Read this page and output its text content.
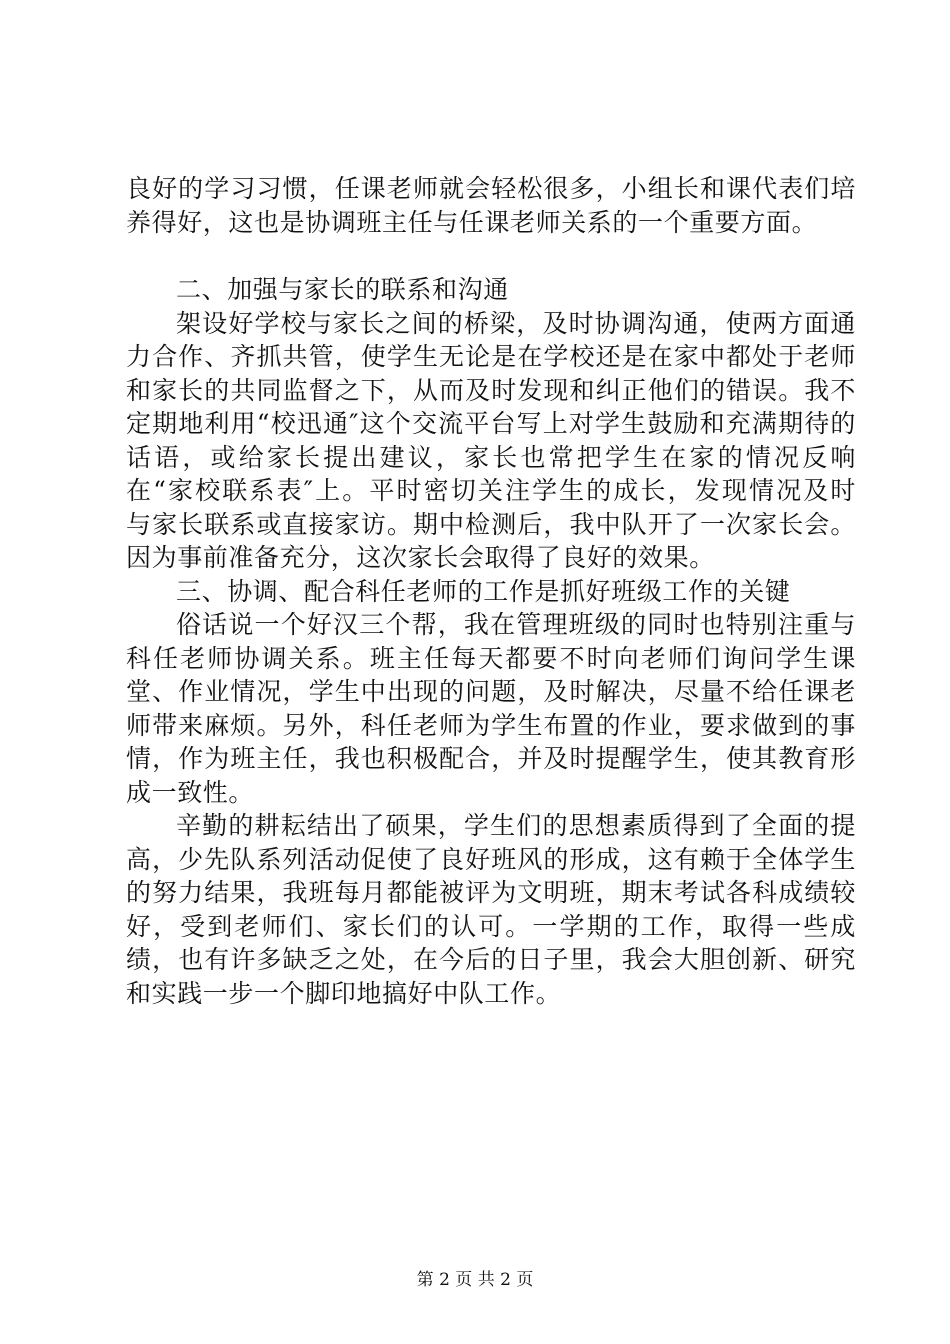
良好的学习习惯，任课老师就会轻松很多，小组长和课代表们培养得好，这也是协调班主任与任课老师关系的一个重要方面。

二、加强与家长的联系和沟通

架设好学校与家长之间的桥梁，及时协调沟通，使两方面通力合作、齐抓共管，使学生无论是在学校还是在家中都处于老师和家长的共同监督之下，从而及时发现和纠正他们的错误。我不定期地利用“校迅通″这个交流平台写上对学生鼓励和充满期待的话语，或给家长提出建议，家长也常把学生在家的情况反响在“家校联系表″上。平时密切关注学生的成长，发现情况及时　　与家长联系或直接家访。期中检测后，我中队开了一次家长会。因为事前准备充分，这次家长会取得了良好的效果。

三、协调、配合科任老师的工作是抓好班级工作的关键

俗话说一个好汉三个帮，我在管理班级的同时也特别注重与科任老师协调关系。班主任每天都要不时向老师们询问学生课堂、作业情况，学生中出现的问题，及时解决，尽量不给任课老师带来麻烦。另外，科任老师为学生布置的作业，要求做到的事情，作为班主任，我也积极配合，并及时提醒学生，使其教育形成一致性。

辛勤的耕耘结出了硕果，学生们的思想素质得到了全面的提高，少先队系列活动促使了良好班风的形成，这有赖于全体学生的努力结果，我班每月都能被评为文明班，期末考试各科成绩较好，受到老师们、家长们的认可。一学期的工作，取得一些成绩，也有许多缺乏之处，在今后的日子里，我会大胆创新、研究和实践一步一个脚印地搞好中队工作。

第 2 页 共 2 页
